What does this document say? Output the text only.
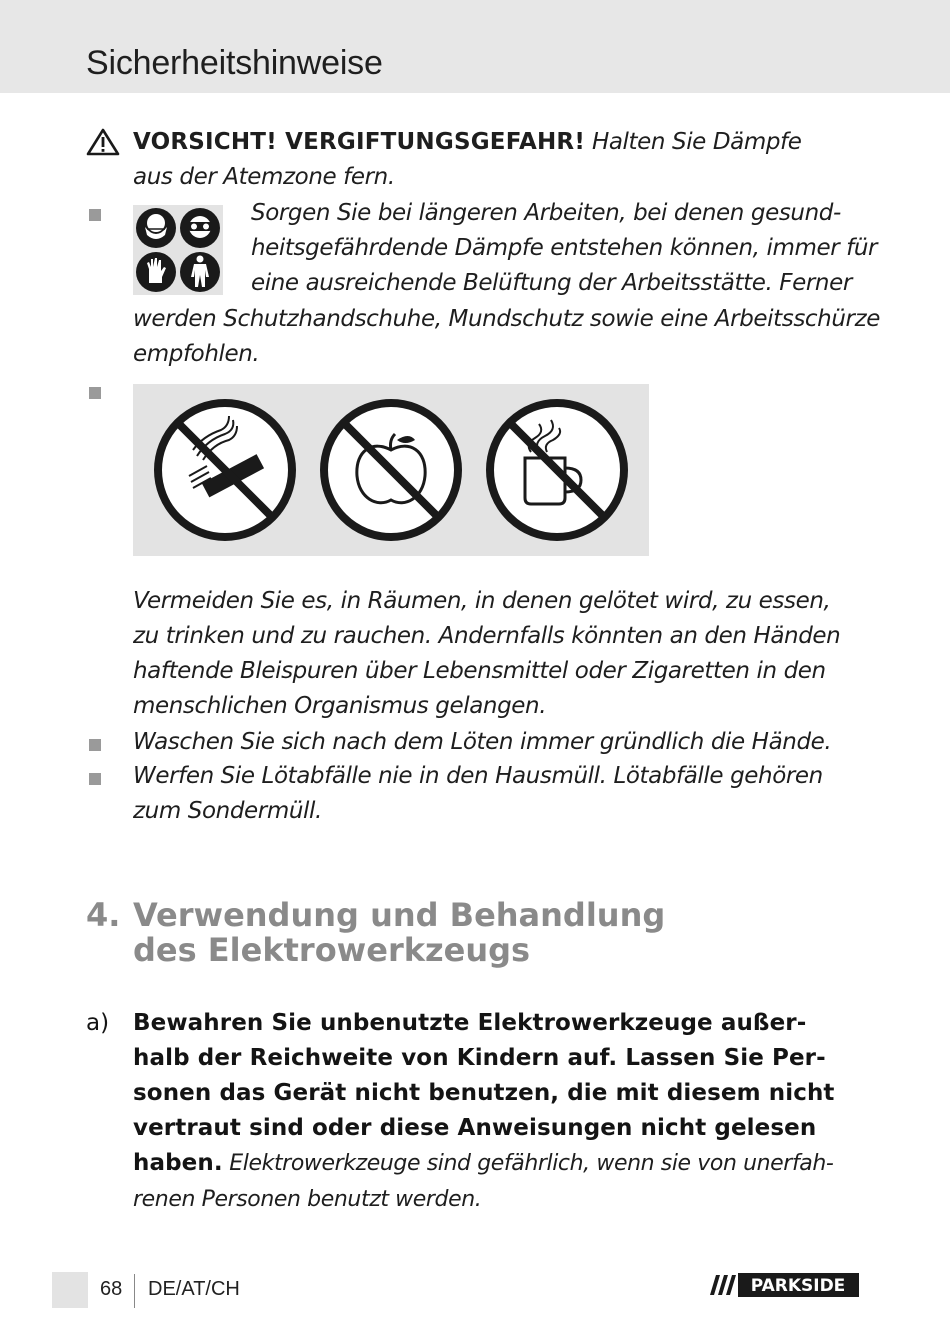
Sicherheitshinweise
VORSICHT! VERGIFTUNGSGEFAHR! Halten Sie Dämpfe
aus der Atemzone fern.
Sorgen Sie bei längeren Arbeiten, bei denen gesund-
heitsgefährdende Dämpfe entstehen können, immer für
eine ausreichende Belüftung der Arbeitsstätte. Ferner
werden Schutzhandschuhe, Mundschutz sowie eine Arbeitsschürze
empfohlen.
Vermeiden Sie es, in Räumen, in denen gelötet wird, zu essen,
zu trinken und zu rauchen. Andernfalls könnten an den Händen
haftende Bleispuren über Lebensmittel oder Zigaretten in den
menschlichen Organismus gelangen.
Waschen Sie sich nach dem Löten immer gründlich die Hände.
Werfen Sie Lötabfälle nie in den Hausmüll. Lötabfälle gehören
zum Sondermüll.
4. Verwendung und Behandlung
des Elektrowerkzeugs
a) Bewahren Sie unbenutzte Elektrowerkzeuge außer-
halb der Reichweite von Kindern auf. Lassen Sie Per-
sonen das Gerät nicht benutzen, die mit diesem nicht
vertraut sind oder diese Anweisungen nicht gelesen
haben. Elektrowerkzeuge sind gefährlich, wenn sie von unerfah-
renen Personen benutzt werden.
68 DE/AT/CH	PARKSIDE
